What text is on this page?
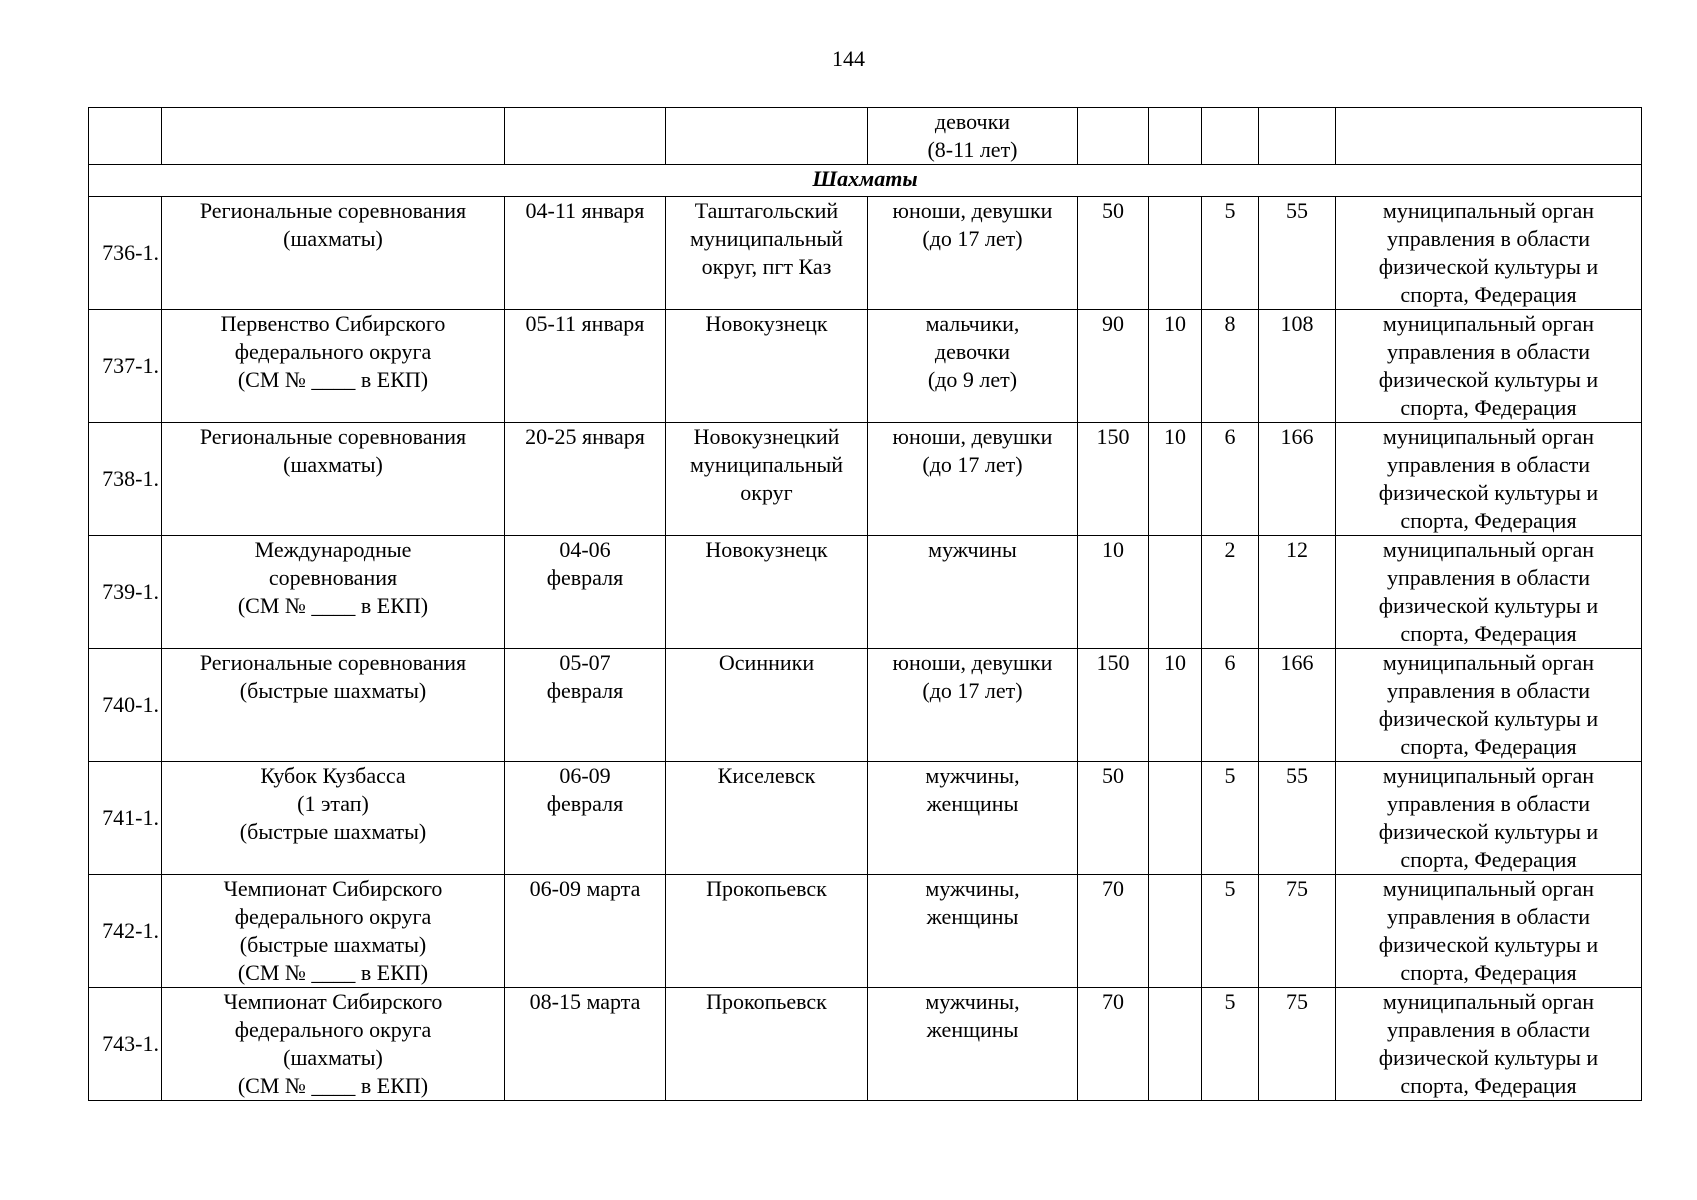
144

				девочки
(8-11 лет)					

Шахматы									
736-1.	Региональные соревнования
(шахматы)	04-11 января	Таштагольский
муниципальный
округ, пгт Каз	юноши, девушки
(до 17 лет)	50		5	55	муниципальный орган
управления в области
физической культуры и
спорта, Федерация

737-1.	Первенство Сибирского
федерального округа
(СМ № ____ в ЕКП)	05-11 января	Новокузнецк	мальчики,
девочки
(до 9 лет)	90	10	8	108	муниципальный орган
управления в области
физической культуры и
спорта, Федерация

738-1.	Региональные соревнования
(шахматы)	20-25 января	Новокузнецкий
муниципальный
округ	юноши, девушки
(до 17 лет)	150	10	6	166	муниципальный орган
управления в области
физической культуры и
спорта, Федерация

739-1.	Международные
соревнования
(СМ № ____ в ЕКП)	04-06
февраля	Новокузнецк	мужчины	10		2	12	муниципальный орган
управления в области
физической культуры и
спорта, Федерация

740-1.	Региональные соревнования
(быстрые шахматы)	05-07
февраля	Осинники	юноши, девушки
(до 17 лет)	150	10	6	166	муниципальный орган
управления в области
физической культуры и
спорта, Федерация

741-1.	Кубок Кузбасса
(1 этап)
(быстрые шахматы)	06-09
февраля	Киселевск	мужчины,
женщины	50		5	55	муниципальный орган
управления в области
физической культуры и
спорта, Федерация

742-1.	Чемпионат Сибирского
федерального округа
(быстрые шахматы)
(СМ № ____ в ЕКП)	06-09 марта	Прокопьевск	мужчины,
женщины	70		5	75	муниципальный орган
управления в области
физической культуры и
спорта, Федерация

743-1.	Чемпионат Сибирского
федерального округа
(шахматы)
(СМ № ____ в ЕКП)	08-15 марта	Прокопьевск	мужчины,
женщины	70		5	75	муниципальный орган
управления в области
физической культуры и
спорта, Федерация
